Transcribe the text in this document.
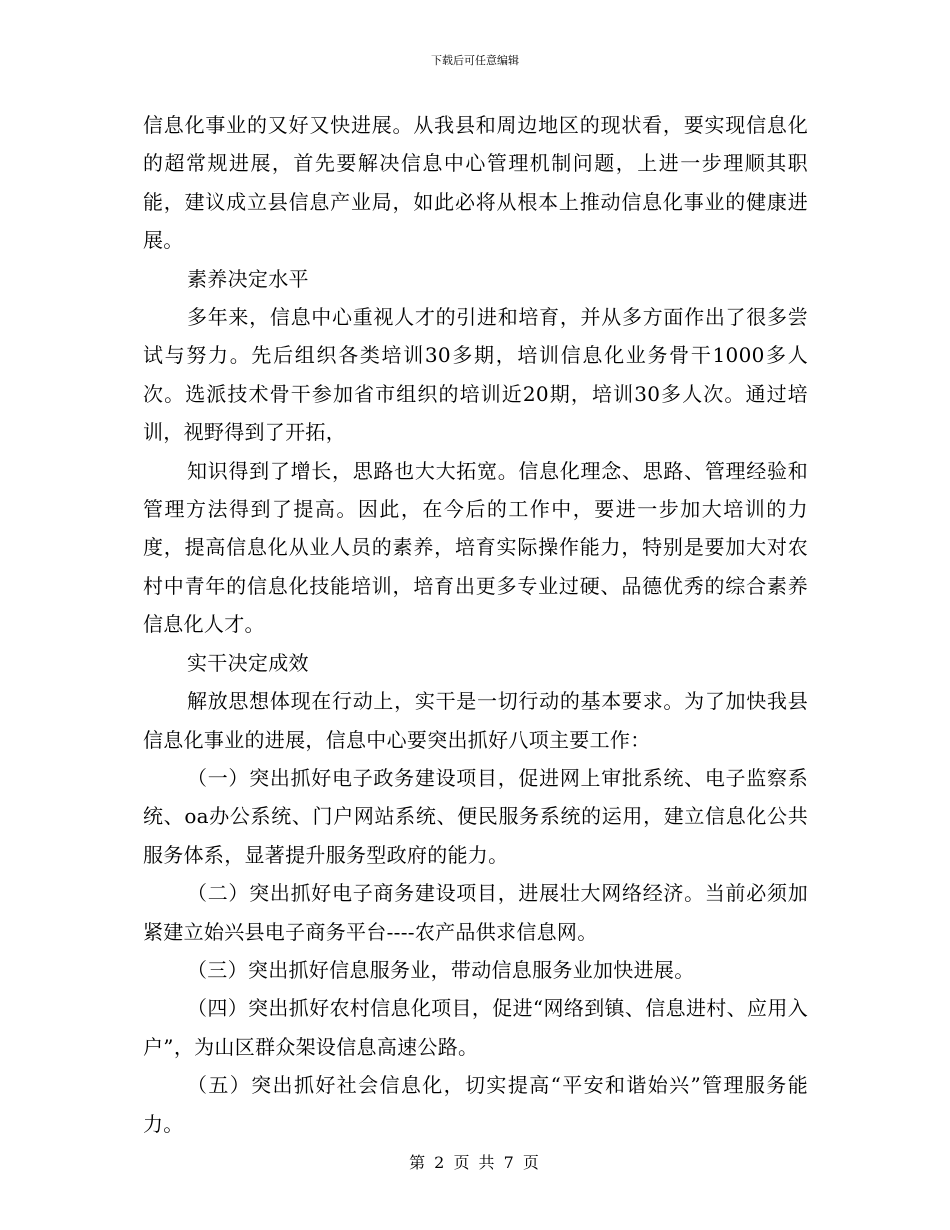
下载后可任意编辑

信息化事业的又好又快进展。从我县和周边地区的现状看，要实现信息化的超常规进展，首先要解决信息中心管理机制问题，上进一步理顺其职能，建议成立县信息产业局，如此必将从根本上推动信息化事业的健康进展。

素养决定水平

多年来，信息中心重视人才的引进和培育，并从多方面作出了很多尝试与努力。先后组织各类培训30多期，培训信息化业务骨干1000多人次。选派技术骨干参加省市组织的培训近20期，培训30多人次。通过培训，视野得到了开拓，

知识得到了增长，思路也大大拓宽。信息化理念、思路、管理经验和管理方法得到了提高。因此，在今后的工作中，要进一步加大培训的力度，提高信息化从业人员的素养，培育实际操作能力，特别是要加大对农村中青年的信息化技能培训，培育出更多专业过硬、品德优秀的综合素养信息化人才。

实干决定成效

解放思想体现在行动上，实干是一切行动的基本要求。为了加快我县信息化事业的进展，信息中心要突出抓好八项主要工作：

（一）突出抓好电子政务建设项目，促进网上审批系统、电子监察系统、oa办公系统、门户网站系统、便民服务系统的运用，建立信息化公共服务体系，显著提升服务型政府的能力。

（二）突出抓好电子商务建设项目，进展壮大网络经济。当前必须加紧建立始兴县电子商务平台----农产品供求信息网。

（三）突出抓好信息服务业，带动信息服务业加快进展。

（四）突出抓好农村信息化项目，促进“网络到镇、信息进村、应用入户”，为山区群众架设信息高速公路。

（五）突出抓好社会信息化，切实提高“平安和谐始兴”管理服务能力。

第 2 页 共 7 页
